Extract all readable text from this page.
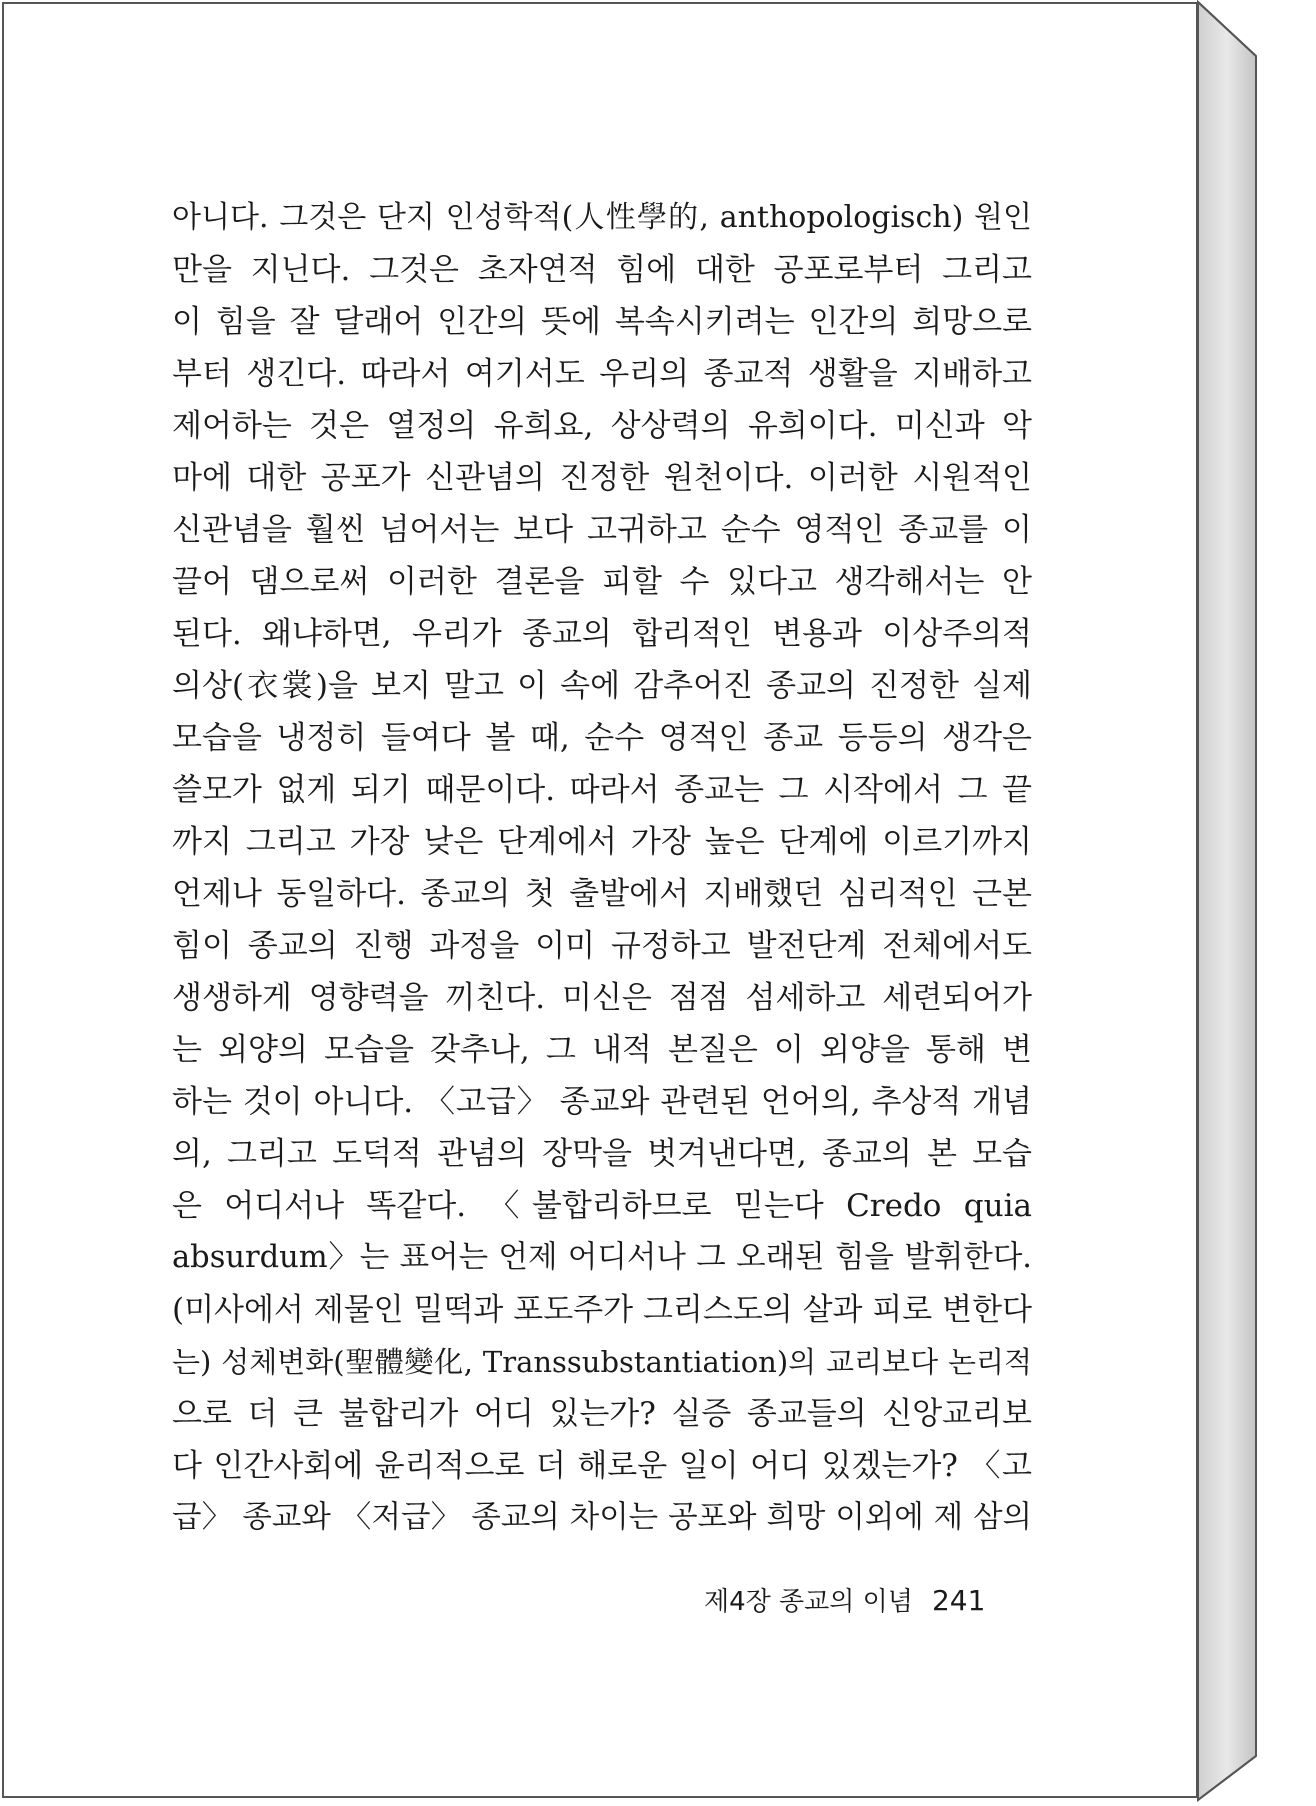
아니다. 그것은 단지 인성학적(人性學的, anthopologisch) 원인
만을 지닌다. 그것은 초자연적 힘에 대한 공포로부터 그리고
이 힘을 잘 달래어 인간의 뜻에 복속시키려는 인간의 희망으로
부터 생긴다. 따라서 여기서도 우리의 종교적 생활을 지배하고
제어하는 것은 열정의 유희요, 상상력의 유희이다. 미신과 악
마에 대한 공포가 신관념의 진정한 원천이다. 이러한 시원적인
신관념을 훨씬 넘어서는 보다 고귀하고 순수 영적인 종교를 이
끌어 댐으로써 이러한 결론을 피할 수 있다고 생각해서는 안
된다. 왜냐하면, 우리가 종교의 합리적인 변용과 이상주의적
의상(衣裳)을 보지 말고 이 속에 감추어진 종교의 진정한 실제
모습을 냉정히 들여다 볼 때, 순수 영적인 종교 등등의 생각은
쓸모가 없게 되기 때문이다. 따라서 종교는 그 시작에서 그 끝
까지 그리고 가장 낮은 단계에서 가장 높은 단계에 이르기까지
언제나 동일하다. 종교의 첫 출발에서 지배했던 심리적인 근본
힘이 종교의 진행 과정을 이미 규정하고 발전단계 전체에서도
생생하게 영향력을 끼친다. 미신은 점점 섬세하고 세련되어가
는 외양의 모습을 갖추나, 그 내적 본질은 이 외양을 통해 변
하는 것이 아니다. 〈고급〉 종교와 관련된 언어의, 추상적 개념
의, 그리고 도덕적 관념의 장막을 벗겨낸다면, 종교의 본 모습
은 어디서나 똑같다. 〈불합리하므로 믿는다 Credo quia
absurdum〉는 표어는 언제 어디서나 그 오래된 힘을 발휘한다.
(미사에서 제물인 밀떡과 포도주가 그리스도의 살과 피로 변한다
는) 성체변화(聖體變化, Transsubstantiation)의 교리보다 논리적
으로 더 큰 불합리가 어디 있는가? 실증 종교들의 신앙교리보
다 인간사회에 윤리적으로 더 해로운 일이 어디 있겠는가? 〈고
급〉 종교와 〈저급〉 종교의 차이는 공포와 희망 이외에 제 삼의
제4장 종교의 이념 241
